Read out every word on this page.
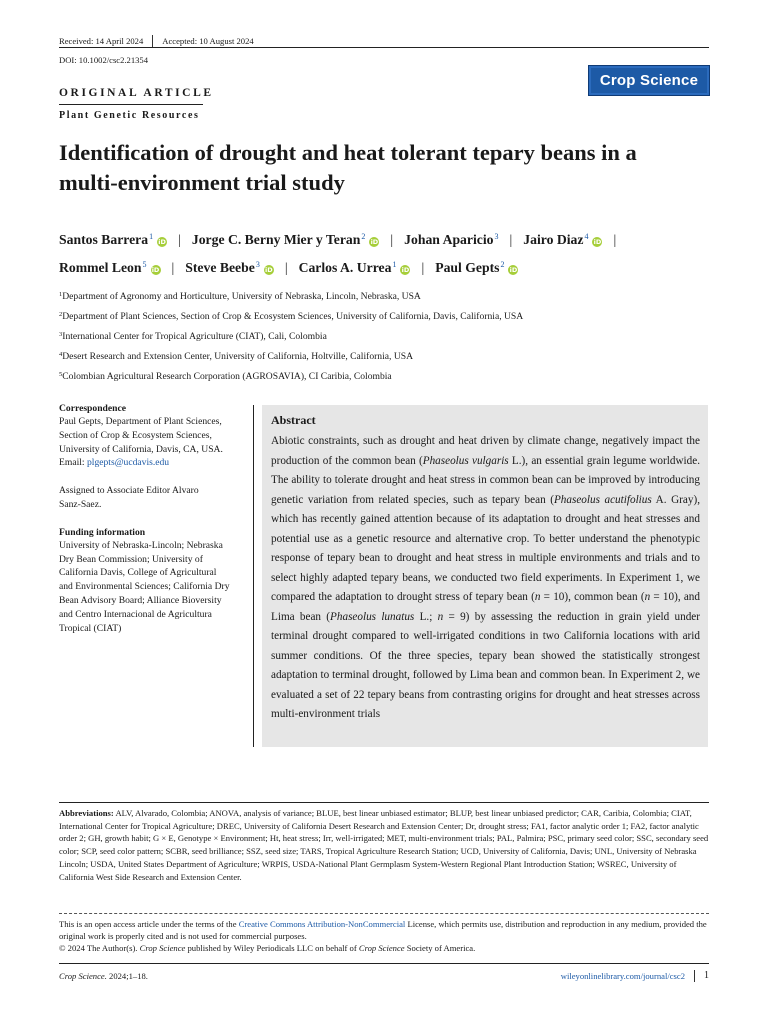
Received: 14 April 2024 Accepted: 10 August 2024
DOI: 10.1002/csc2.21354
Crop Science
ORIGINAL ARTICLE
Plant Genetic Resources
Identification of drought and heat tolerant tepary beans in a multi-environment trial study
Santos Barrera$^1$iD | Jorge C. Berny Mier y Teran$^2$iD | Johan Aparicio$^3$ | Jairo Diaz$^4$iD |
Rommel Leon$^5$iD | Steve Beebe$^3$iD | Carlos A. Urrea$^1$iD | Paul Gepts$^2$iD
$^1$Department of Agronomy and Horticulture, University of Nebraska, Lincoln, Nebraska, USA
$^2$Department of Plant Sciences, Section of Crop & Ecosystem Sciences, University of California, Davis, California, USA
$^3$International Center for Tropical Agriculture (CIAT), Cali, Colombia
$^4$Desert Research and Extension Center, University of California, Holtville, California, USA
$^5$Colombian Agricultural Research Corporation (AGROSAVIA), CI Caribia, Colombia
Correspondence
Paul Gepts, Department of Plant Sciences,
Section of Crop & Ecosystem Sciences,
University of California, Davis, CA, USA.
Email: plgepts@ucdavis.edu
Assigned to Associate Editor Alvaro
Sanz-Saez.
Funding information
University of Nebraska-Lincoln; Nebraska
Dry Bean Commission; University of
California Davis, College of Agricultural
and Environmental Sciences; California Dry
Bean Advisory Board; Alliance Bioversity
and Centro Internacional de Agricultura
Tropical (CIAT)
Abstract
Abiotic constraints, such as drought and heat driven by climate change, negatively impact the production of the common bean (Phaseolus vulgaris L.), an essential grain legume worldwide. The ability to tolerate drought and heat stress in common bean can be improved by introducing genetic variation from related species, such as tepary bean (Phaseolus acutifolius A. Gray), which has recently gained attention because of its adaptation to drought and heat stresses and potential use as a genetic resource and alternative crop. To better understand the phenotypic response of tepary bean to drought and heat stress in multiple environments and trials and to select highly adapted tepary beans, we conducted two field experiments. In Experiment 1, we compared the adaptation to drought stress of tepary bean (n = 10), common bean (n = 10), and Lima bean (Phaseolus lunatus L.; n = 9) by assessing the reduction in grain yield under terminal drought compared to well-irrigated conditions in two California locations with arid summer conditions. Of the three species, tepary bean showed the statistically strongest adaptation to terminal drought, followed by Lima bean and common bean. In Experiment 2, we evaluated a set of 22 tepary beans from contrasting origins for drought and heat stresses across multi-environment trials
Abbreviations: ALV, Alvarado, Colombia; ANOVA, analysis of variance; BLUE, best linear unbiased estimator; BLUP, best linear unbiased predictor; CAR, Caribia, Colombia; CIAT, International Center for Tropical Agriculture; DREC, University of California Desert Research and Extension Center; Dr, drought stress; FA1, factor analytic order 1; FA2, factor analytic order 2; GH, growth habit; G × E, Genotype × Environment; Ht, heat stress; Irr, well-irrigated; MET, multi-environment trials; PAL, Palmira; PSC, primary seed color; SSC, secondary seed color; SCP, seed color pattern; SCBR, seed brilliance; SSZ, seed size; TARS, Tropical Agriculture Research Station; UCD, University of California, Davis; UNL, University of Nebraska Lincoln; USDA, United States Department of Agriculture; WRPIS, USDA-National Plant Germplasm System-Western Regional Plant Introduction Station; WSREC, University of California West Side Research and Extension Center.
This is an open access article under the terms of the Creative Commons Attribution-NonCommercial License, which permits use, distribution and reproduction in any medium, provided the original work is properly cited and is not used for commercial purposes.
© 2024 The Author(s). Crop Science published by Wiley Periodicals LLC on behalf of Crop Science Society of America.
Crop Science. 2024;1–18.	wileyonlinelibrary.com/journal/csc2 1
